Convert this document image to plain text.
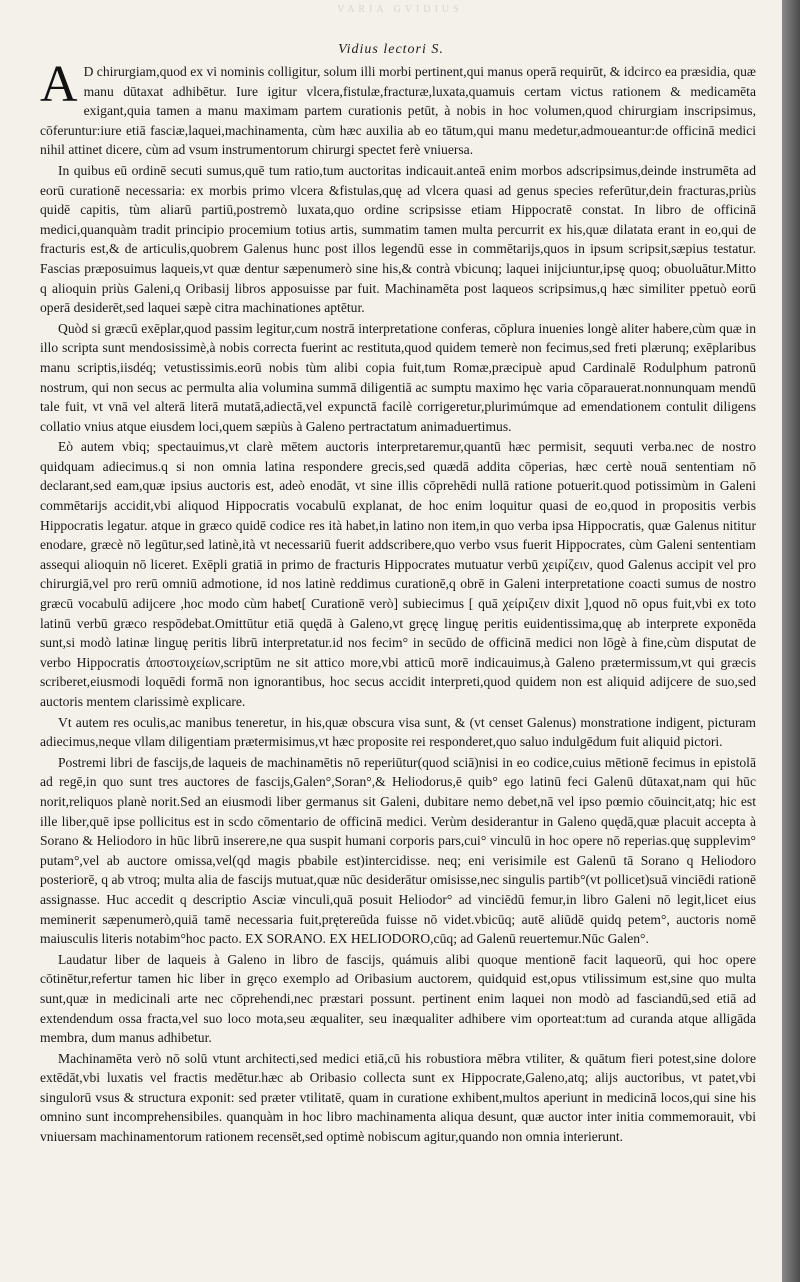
VARIA GVIDIUS
Vidius lectori S.

A D chirurgiam,quod ex vi nominis colligitur, solum illi morbi pertinent,qui manus operā requirūt, & idcirco ea præsidia, quæ manu dūtaxat adhibētur. Iure igitur vlcera,fistulæ,fracturæ,luxata,quamuis certam victus rationem & medicamēta exigant,quia tamen a manu maximam partem curationis petūt, à nobis in hoc volumen,quod chirurgiam inscripsimus, cōferuntur:iure etiā fasciæ,laquei,machinamenta, cùm hæc auxilia ab eo tātum,qui manu medetur,admoueantur:de officinā medici nihil attinet dicere, cùm ad vsum instrumentorum chirurgi spectet ferè vniuersa.

In quibus eū ordinē secuti sumus,quē tum ratio,tum auctoritas indicauit.anteā enim morbos adscripsimus,deinde instrumēta ad eorū curationē necessaria: ex morbis primo vlcera &fistulas,quę ad vlcera quasi ad genus species referūtur,dein fracturas,priùs quidē capitis, tùm aliarū partiū,postremò luxata,quo ordine scripsisse etiam Hippocratē constat. In libro de officinā medici,quanquàm tradit principio procemium totius artis, summatim tamen multa percurrit ex his,quæ dilatata erant in eo,qui de fracturis est,& de articulis,quobrem Galenus hunc post illos legendū esse in commētarijs,quos in ipsum scripsit,sæpius testatur. Fascias præposuimus laqueis,vt quæ dentur sæpenumerò sine his,& contrà vbicunq; laquei inijciuntur,ipsę quoq; obuoluātur.Mitto q alioquin priùs Galeni,q Oribasij libros apposuisse par fuit. Machinamēta post laqueos scripsimus,q hæc similiter ppetuò eorū operā desiderēt,sed laquei sæpè citra machinationes aptētur.

Quòd si græcū exēplar,quod passim legitur,cum nostrā interpretatione conferas, cōplura inuenies longè aliter habere,cùm quæ in illo scripta sunt mendosissimè,à nobis correcta fuerint ac restituta,quod quidem temerè non fecimus,sed freti plærunq; exēplaribus manu scriptis,iisdéq; vetustissimis.eorū nobis tùm alibi copia fuit,tum Romæ,præcipuè apud Cardinalē Rodulphum patronū nostrum, qui non secus ac permulta alia volumina summā diligentiā ac sumptu maximo hęc varia cōparauerat.nonnunquam mendū tale fuit, vt vnā vel alterā literā mutatā,adiectā,vel expunctā facilè corrigeretur,plurimúmque ad emendationem contulit diligens collatio vnius atque eiusdem loci,quem sæpiùs à Galeno pertractatum animaduertimus.

Eò autem vbiq; spectauimus,vt clarè mētem auctoris interpretaremur,quantū hæc permisit, sequuti verba.nec de nostro quidquam adiecimus.q si non omnia latina respondere grecis,sed quædā addita cōperias, hæc certè nouā sententiam nō declarant,sed eam,quæ ipsius auctoris est, adeò enodāt, vt sine illis cōprehēdi nullā ratione potuerit.quod potissimùm in Galeni commētarijs accidit,vbi aliquod Hippocratis vocabulū explanat, de hoc enim loquitur quasi de eo,quod in propositis verbis Hippocratis legatur. atque in græco quidē codice res ità habet,in latino non item,in quo verba ipsa Hippocratis, quæ Galenus nititur enodare, græcè nō legūtur,sed latinè,ità vt necessariū fuerit addscribere,quo verbo vsus fuerit Hippocrates, cùm Galeni sententiam assequi alioquin nō liceret. Exēpli gratiā in primo de fracturis Hippocrates mutuatur verbū χειρίζειν, quod Galenus accipit vel pro chirurgiā,vel pro rerū omniū admotione, id nos latinè reddimus curationē,q obrē in Galeni interpretatione coacti sumus de nostro græcū vocabulū adijcere ,hoc modo cùm habet[ Curationē verò] subiecimus [ quā χείριζειν dixit ],quod nō opus fuit,vbi ex toto latinū verbū græco respōdebat.Omittūtur etiā quędā à Galeno,vt gręcę linguę peritis euidentissima,quę ab interprete exponēda sunt,si modò latinæ linguę peritis librū interpretatur.id nos fecim° in secūdo de officinā medici non lōgè à fine,cùm disputat de verbo Hippocratis ἀποστοιχείων,scriptūm ne sit attico more,vbi atticū morē indicauimus,à Galeno prætermissum,vt qui græcis scriberet,eiusmodi loquēdi formā non ignorantibus, hoc secus accidit interpreti,quod quidem non est aliquid adijcere de suo,sed auctoris mentem clarissimè explicare.

Vt autem res oculis,ac manibus teneretur, in his,quæ obscura visa sunt, & (vt censet Galenus) monstratione indigent, picturam adiecimus,neque vllam diligentiam prætermisimus,vt hæc proposite rei responderet,quo saluo indulgēdum fuit aliquid pictori.

Postremi libri de fascijs,de laqueis de machinamētis nō reperiūtur(quod sciā)nisi in eo codice,cuius mētionē fecimus in epistolā ad regē,in quo sunt tres auctores de fascijs,Galen°,Soran°,& Heliodorus,ē quib° ego latinū feci Galenū dūtaxat,nam qui hūc norit,reliquos planè norit.Sed an eiusmodi liber germanus sit Galeni, dubitare nemo debet,nā vel ipso pœmio cōuincit,atq; hic est ille liber,quē ipse pollicitus est in scdo cōmentario de officinā medici. Verùm desiderantur in Galeno quędā,quæ placuit accepta à Sorano & Heliodoro in hūc librū inserere,ne qua suspit humani corporis pars,cui° vinculū in hoc opere nō reperias.quę supplevim° putam°,vel ab auctore omissa,vel(qd magis pbabile est)intercidisse. neq; eni verisimile est Galenū tā Sorano q Heliodoro posteriorē, q ab vtroq; multa alia de fascijs mutuat,quæ nūc desiderātur omisisse,nec singulis partib°(vt pollicet)suā vinciēdi rationē assignasse. Huc accedit q descriptio Asciæ vinculi,quā posuit Heliodor° ad vinciēdū femur,in libro Galeni nō legit,licet eius meminerit sæpenumerò,quiā tamē necessaria fuit,prętereūda fuisse nō videt.vbicūq; autē aliūdē quidq petem°, auctoris nomē maiusculis literis notabim°hoc pacto. EX SORANO. EX HELIODORO,cūq; ad Galenū reuertemur.Nūc Galen°.

Laudatur liber de laqueis à Galeno in libro de fascijs, quámuis alibi quoque mentionē facit laqueorū, qui hoc opere cōtinētur,refertur tamen hic liber in gręco exemplo ad Oribasium auctorem, quidquid est,opus vtilissimum est,sine quo multa sunt,quæ in medicinali arte nec cōprehendi,nec præstari possunt. pertinent enim laquei non modò ad fasciandū,sed etiā ad extendendum ossa fracta,vel suo loco mota,seu æqualiter, seu inæqualiter adhibere vim oporteat:tum ad curanda atque alligāda membra, dum manus adhibetur.

Machinamēta verò nō solū vtunt architecti,sed medici etiā,cū his robustiora mēbra vtiliter, & quātum fieri potest,sine dolore extēdāt,vbi luxatis vel fractis medētur.hæc ab Oribasio collecta sunt ex Hippocrate,Galeno,atq; alijs auctoribus, vt patet,vbi singulorū vsus & structura exponit: sed præter vtilitatē, quam in curatione exhibent,multos aperiunt in medicinā locos,qui sine his omnino sunt incomprehensibiles. quanquàm in hoc libro machinamenta aliqua desunt, quæ auctor inter initia commemorauit, vbi vniuersam machinamentorum rationem recensēt,sed optimè nobiscum agitur,quando non omnia interierunt.
